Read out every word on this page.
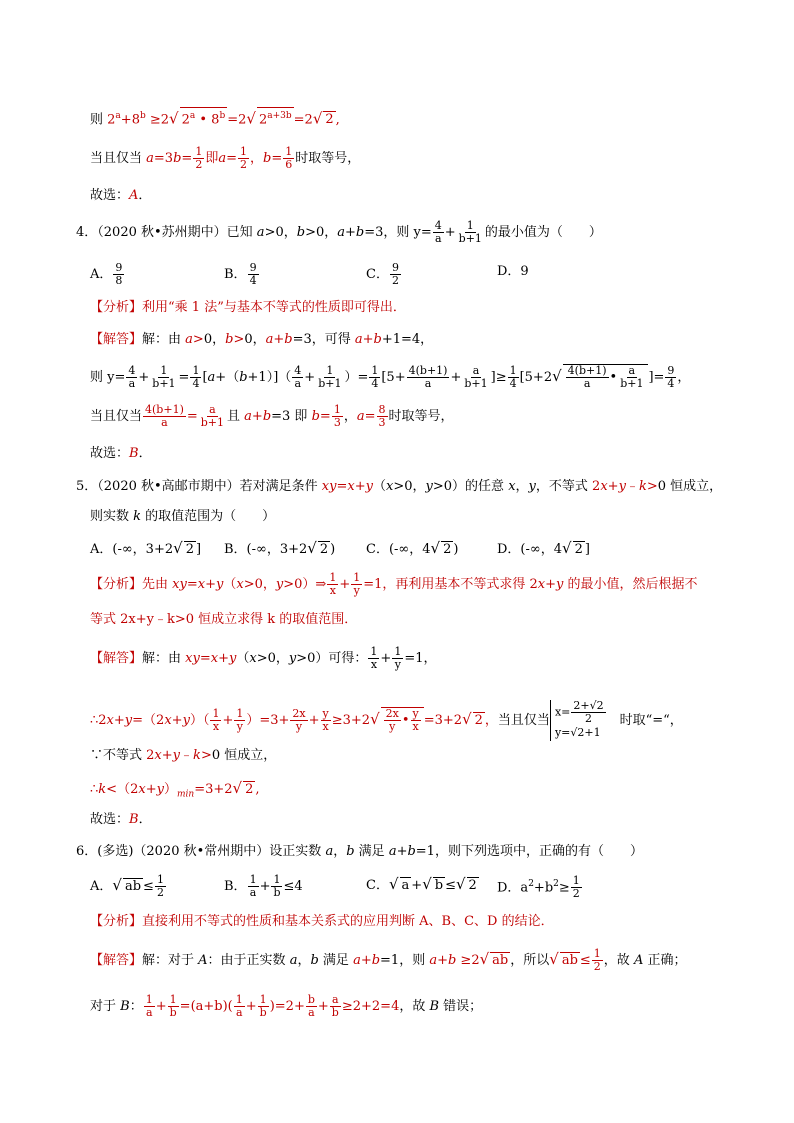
则 $2^a+8^b \ge 2√$ 2$^a$ • $8^b =2√$ $2^{a+3b} =2√$ 2 ,
当且仅当 $a=3b= \frac{1}{2}$ 即$a= \frac{1}{2}$ ，$b= \frac{1}{6}$ 时取等号，
故选：A．
4．（2020 秋•苏州期中）已知 a>0，b>0，a+b=3，则 $y= \frac{4}{a} + \frac{1}{b+1}$ 的最小值为（　　）
A． $\frac{9}{8}$	B． $\frac{9}{4}$	C． $\frac{9}{2}$	D．9
【分析】利用“乘 1 法”与基本不等式的性质即可得出．
【解答】解：由 a>0，b>0，a+b=3，可得 a+b+1=4，
则 $y= \frac{4}{a} + \frac{1}{b+1} = \frac{1}{4} [a+(b+1)]( \frac{4}{a} + \frac{1}{b+1}$ ）= $\frac{1}{4} [5+ \frac{4(b+1)}{a} + \frac{a}{b+1}$ ]≥ $\frac{1}{4} [5+2√ \frac{4(b+1)}{a}$ • $\frac{a}{b+1}$ ]= $\frac{9}{4}$ ，
当且仅当 $\frac{4(b+1)}{a} = \frac{a}{b+1}$ 且 a+b=3 即 $b= \frac{1}{3}$ ，$a= \frac{8}{3}$ 时取等号，
故选：B．
5．（2020 秋•高邮市期中）若对满足条件 xy=x+y（x>0，y>0）的任意 x，y，不等式 2x+y﹣k>0 恒成立，
则实数 k 的取值范围为（　　）
A．(-∞，3+2√ 2 ] B．(-∞，3+2√ 2 ) C．(-∞，4√ 2 )	D．(-∞，4√ 2 ]
【分析】先由 xy=x+y（x>0，y>0）⇒ $\frac{1}{x} + \frac{1}{y} =1$，再利用基本不等式求得 2x+y 的最小值，然后根据不
等式 2x+y﹣k>0 恒成立求得 k 的取值范围．
【解答】解：由 xy=x+y（x>0，y>0）可得： $\frac{1}{x} + \frac{1}{y} =1$，
∴2x+y=（2x+y）（ $\frac{1}{x} + \frac{1}{y} )=3+ \frac{2x}{y} + \frac{y}{x} \ge 3+2√ \frac{2x}{y}$ • $\frac{y}{x} =3+2√$ 2 ，当且仅当
$x= \frac{2+√2}{2}$
y=√2+1
　时取“=“，
∵不等式 2x+y﹣k>0 恒成立，
$\therefore k<(2x+y)_{min}=3+2√$ 2 ,
故选：B．
6．(多选)（2020 秋•常州期中）设正实数 a，b 满足 a+b=1，则下列选项中，正确的有（　　）
A．√ ab ≤ $\frac{1}{2}$	B． $\frac{1}{a} + \frac{1}{b} \le 4$	C．√ a +√ b ≤√ 2 D．$a^2+b^2\ge \frac{1}{2}$
【分析】直接利用不等式的性质和基本关系式的应用判断 A、B、C、D 的结论．
【解答】解：对于 A：由于正实数 a，b 满足 a+b=1，则 a+b ≥2√ ab ，所以√ ab ≤ $\frac{1}{2}$ ，故 A 正确；
对于 B： $\frac{1}{a} + \frac{1}{b} =(a+b)( \frac{1}{a} + \frac{1}{b} )=2+ \frac{b}{a} + \frac{a}{b} \ge 2+2=4$，故 B 错误；
